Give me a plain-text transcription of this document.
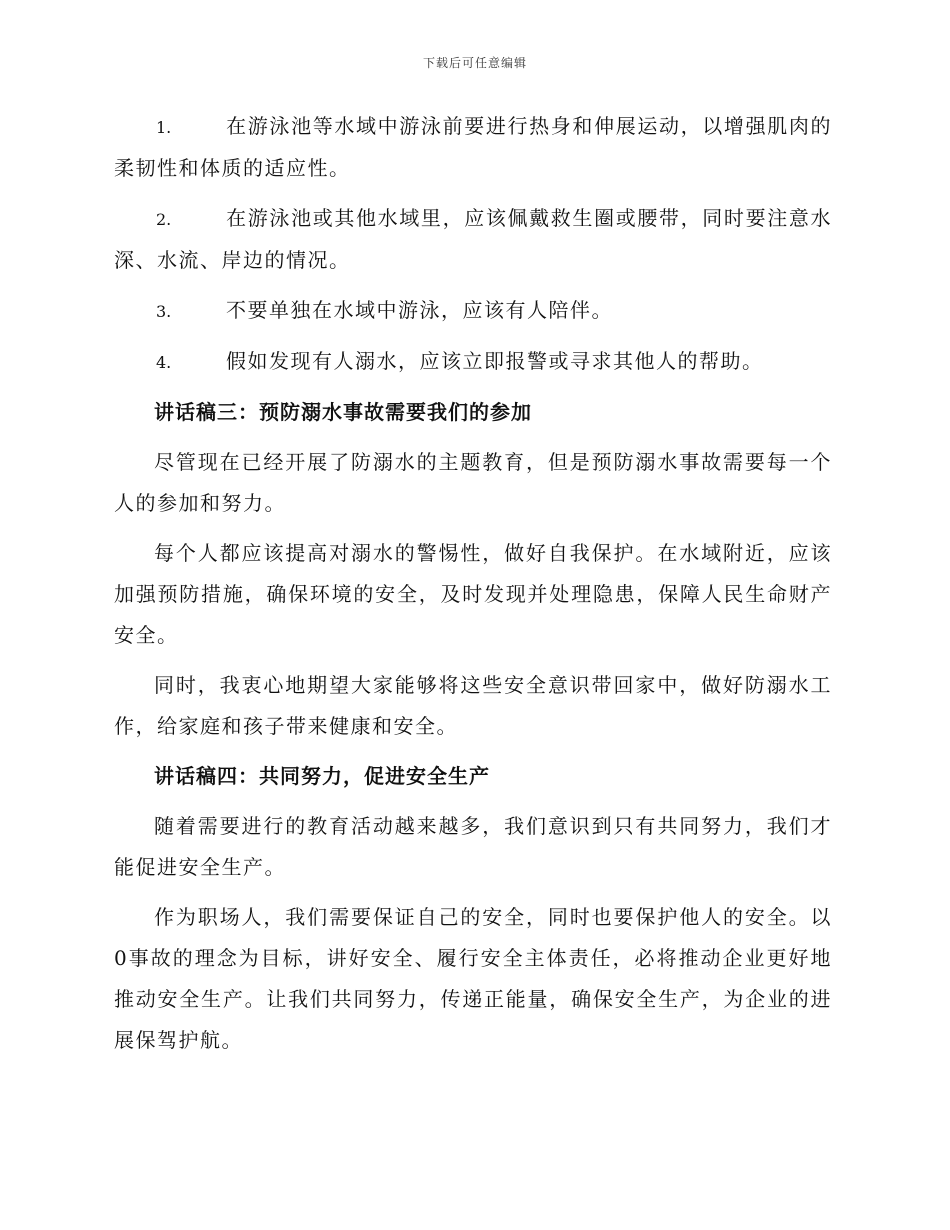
下载后可任意编辑

1.	在游泳池等水域中游泳前要进行热身和伸展运动，以增强肌肉的柔韧性和体质的适应性。

2.	在游泳池或其他水域里，应该佩戴救生圈或腰带，同时要注意水深、水流、岸边的情况。

3.	不要单独在水域中游泳，应该有人陪伴。

4.	假如发现有人溺水，应该立即报警或寻求其他人的帮助。

讲话稿三：预防溺水事故需要我们的参加

尽管现在已经开展了防溺水的主题教育，但是预防溺水事故需要每一个人的参加和努力。

每个人都应该提高对溺水的警惕性，做好自我保护。在水域附近，应该加强预防措施，确保环境的安全，及时发现并处理隐患，保障人民生命财产安全。

同时，我衷心地期望大家能够将这些安全意识带回家中，做好防溺水工作，给家庭和孩子带来健康和安全。

讲话稿四：共同努力，促进安全生产

随着需要进行的教育活动越来越多，我们意识到只有共同努力，我们才能促进安全生产。

作为职场人，我们需要保证自己的安全，同时也要保护他人的安全。以0事故的理念为目标，讲好安全、履行安全主体责任，必将推动企业更好地推动安全生产。让我们共同努力，传递正能量，确保安全生产，为企业的进展保驾护航。
